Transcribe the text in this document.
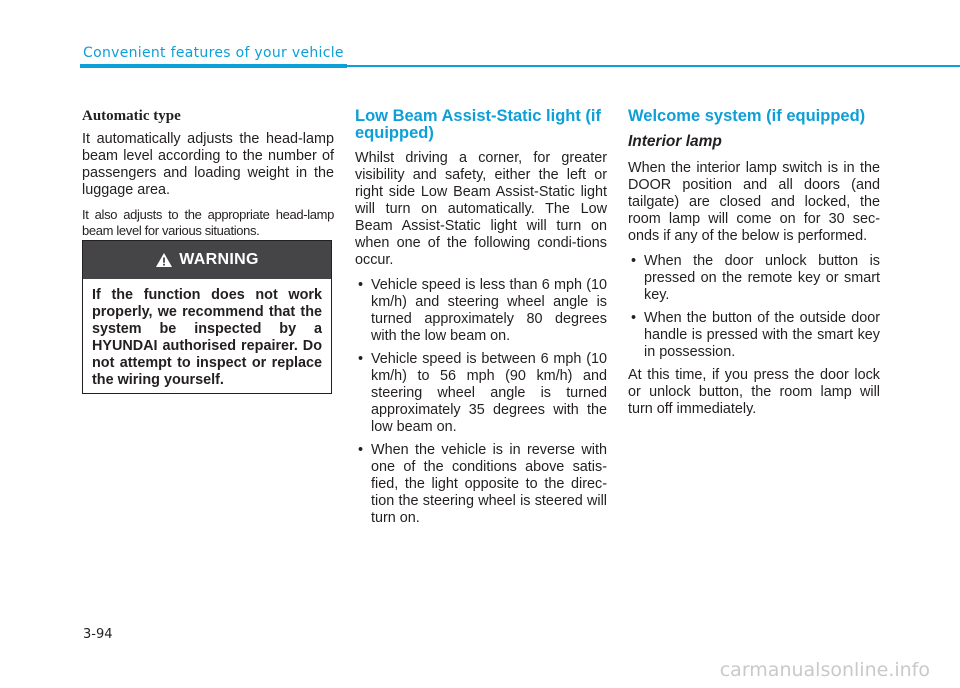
Convenient features of your vehicle
Automatic type

It automatically adjusts the head-lamp beam level according to the number of passengers and loading weight in the luggage area.

It also adjusts to the appropriate head-lamp beam level for various situations.

WARNING
If the function does not work properly, we recommend that the system be inspected by a HYUNDAI authorised repairer. Do not attempt to inspect or replace the wiring yourself.
Low Beam Assist-Static light (if equipped)

Whilst driving a corner, for greater visibility and safety, either the left or right side Low Beam Assist-Static light will turn on automatically. The Low Beam Assist-Static light will turn on when one of the following condi-tions occur.

• Vehicle speed is less than 6 mph (10 km/h) and steering wheel angle is turned approximately 80 degrees with the low beam on.
• Vehicle speed is between 6 mph (10 km/h) to 56 mph (90 km/h) and steering wheel angle is turned approximately 35 degrees with the low beam on.
• When the vehicle is in reverse with one of the conditions above satis-fied, the light opposite to the direc-tion the steering wheel is steered will turn on.
Welcome system (if equipped)
Interior lamp

When the interior lamp switch is in the DOOR position and all doors (and tailgate) are closed and locked, the room lamp will come on for 30 sec-onds if any of the below is performed.

• When the door unlock button is pressed on the remote key or smart key.
• When the button of the outside door handle is pressed with the smart key in possession.

At this time, if you press the door lock or unlock button, the room lamp will turn off immediately.

3-94
carmanualsonline.info
